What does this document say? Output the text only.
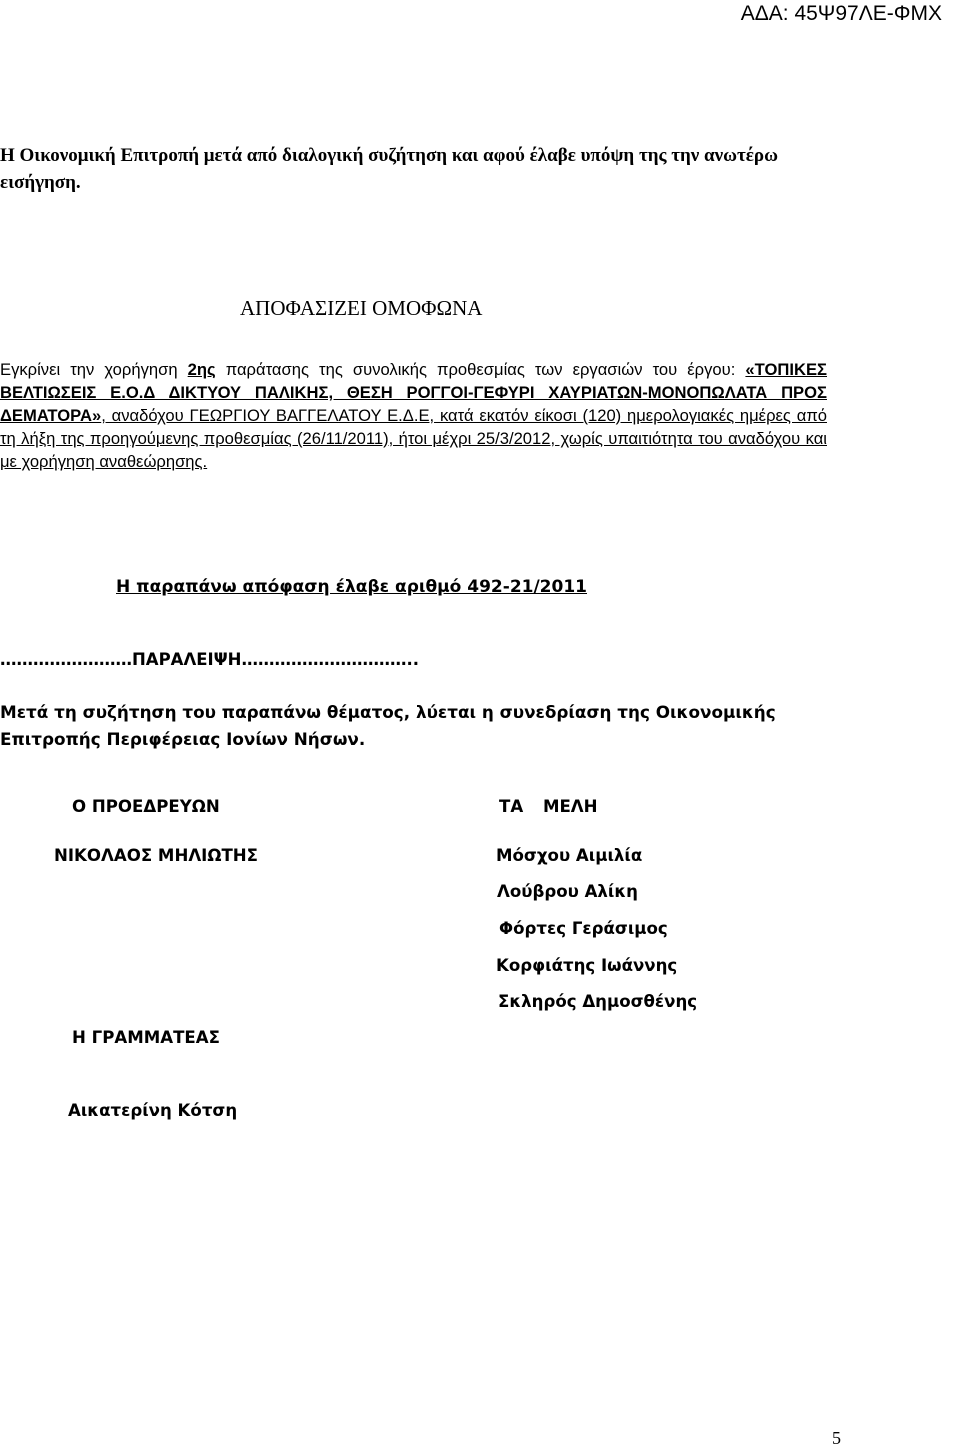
ΑΔΑ: 45Ψ97ΛΕ-ΦΜΧ
Η Οικονομική Επιτροπή μετά από διαλογική συζήτηση και αφού έλαβε υπόψη της την ανωτέρω εισήγηση.
ΑΠΟΦΑΣΙΖΕΙ ΟΜΟΦΩΝΑ
Εγκρίνει την χορήγηση 2ης παράτασης της συνολικής προθεσμίας των εργασιών του έργου: «ΤΟΠΙΚΕΣ ΒΕΛΤΙΩΣΕΙΣ Ε.Ο.Δ ΔΙΚΤΥΟΥ ΠΑΛΙΚΗΣ, ΘΕΣΗ ΡΟΓΓΟΙ-ΓΕΦΥΡΙ ΧΑΥΡΙΑΤΩΝ-ΜΟΝΟΠΩΛΑΤΑ ΠΡΟΣ ΔΕΜΑΤΟΡΑ», αναδόχου ΓΕΩΡΓΙΟΥ ΒΑΓΓΕΛΑΤΟΥ Ε.Δ.Ε, κατά εκατόν είκοσι (120) ημερολογιακές ημέρες από τη λήξη της προηγούμενης προθεσμίας (26/11/2011), ήτοι μέχρι 25/3/2012, χωρίς υπαιτιότητα του αναδόχου και με χορήγηση αναθεώρησης.
Η παραπάνω απόφαση έλαβε αριθμό 492-21/2011
……………………ΠΑΡΑΛΕΙΨΗ…………………………..
Μετά τη συζήτηση του παραπάνω θέματος, λύεται η συνεδρίαση της Οικονομικής Επιτροπής Περιφέρειας Ιονίων Νήσων.
Ο ΠΡΟΕΔΡΕΥΩΝ
ΝΙΚΟΛΑΟΣ ΜΗΛΙΩΤΗΣ
ΤΑ ΜΕΛΗ
Μόσχου Αιμιλία
Λούβρου Αλίκη
Φόρτες Γεράσιμος
Κορφιάτης Ιωάννης
Σκληρός Δημοσθένης
Η ΓΡΑΜΜΑΤΕΑΣ
Αικατερίνη Κότση
5
